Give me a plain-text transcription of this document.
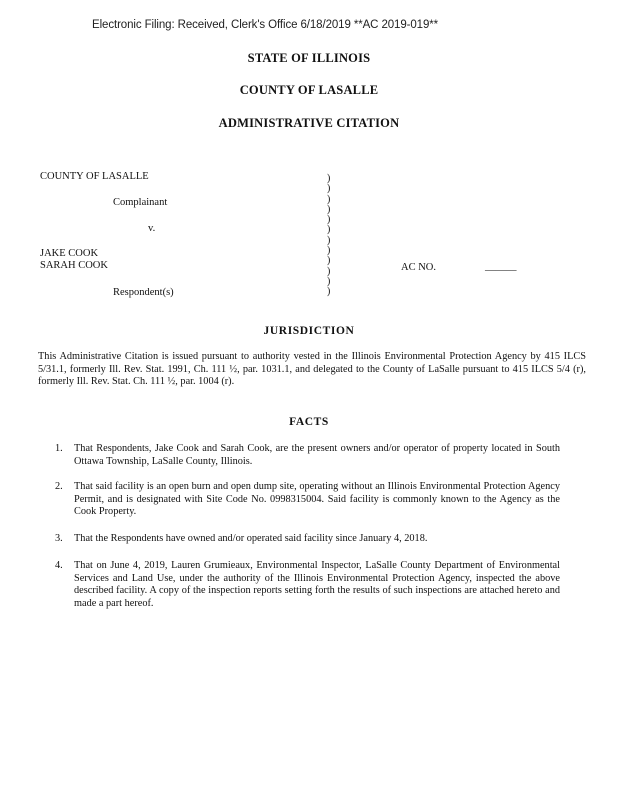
Electronic Filing: Received, Clerk's Office 6/18/2019 **AC 2019-019**
STATE OF ILLINOIS
COUNTY OF LASALLE
ADMINISTRATIVE CITATION
COUNTY OF LASALLE
Complainant
v.
JAKE COOK
SARAH COOK
Respondent(s)
AC NO.	______
)
)
)
)
)
)
)
)
)
)
)
)
JURISDICTION
This Administrative Citation is issued pursuant to authority vested in the Illinois Environmental Protection Agency by 415 ILCS 5/31.1, formerly Ill. Rev. Stat. 1991, Ch. 111 ½, par. 1031.1, and delegated to the County of LaSalle pursuant to 415 ILCS 5/4 (r), formerly Ill. Rev. Stat. Ch. 111 ½, par. 1004 (r).
FACTS
1. That Respondents, Jake Cook and Sarah Cook, are the present owners and/or operator of property located in South Ottawa Township, LaSalle County, Illinois.
2. That said facility is an open burn and open dump site, operating without an Illinois Environmental Protection Agency Permit, and is designated with Site Code No. 0998315004. Said facility is commonly known to the Agency as the Cook Property.
3. That the Respondents have owned and/or operated said facility since January 4, 2018.
4. That on June 4, 2019, Lauren Grumieaux, Environmental Inspector, LaSalle County Department of Environmental Services and Land Use, under the authority of the Illinois Environmental Protection Agency, inspected the above described facility. A copy of the inspection reports setting forth the results of such inspections are attached hereto and made a part hereof.
